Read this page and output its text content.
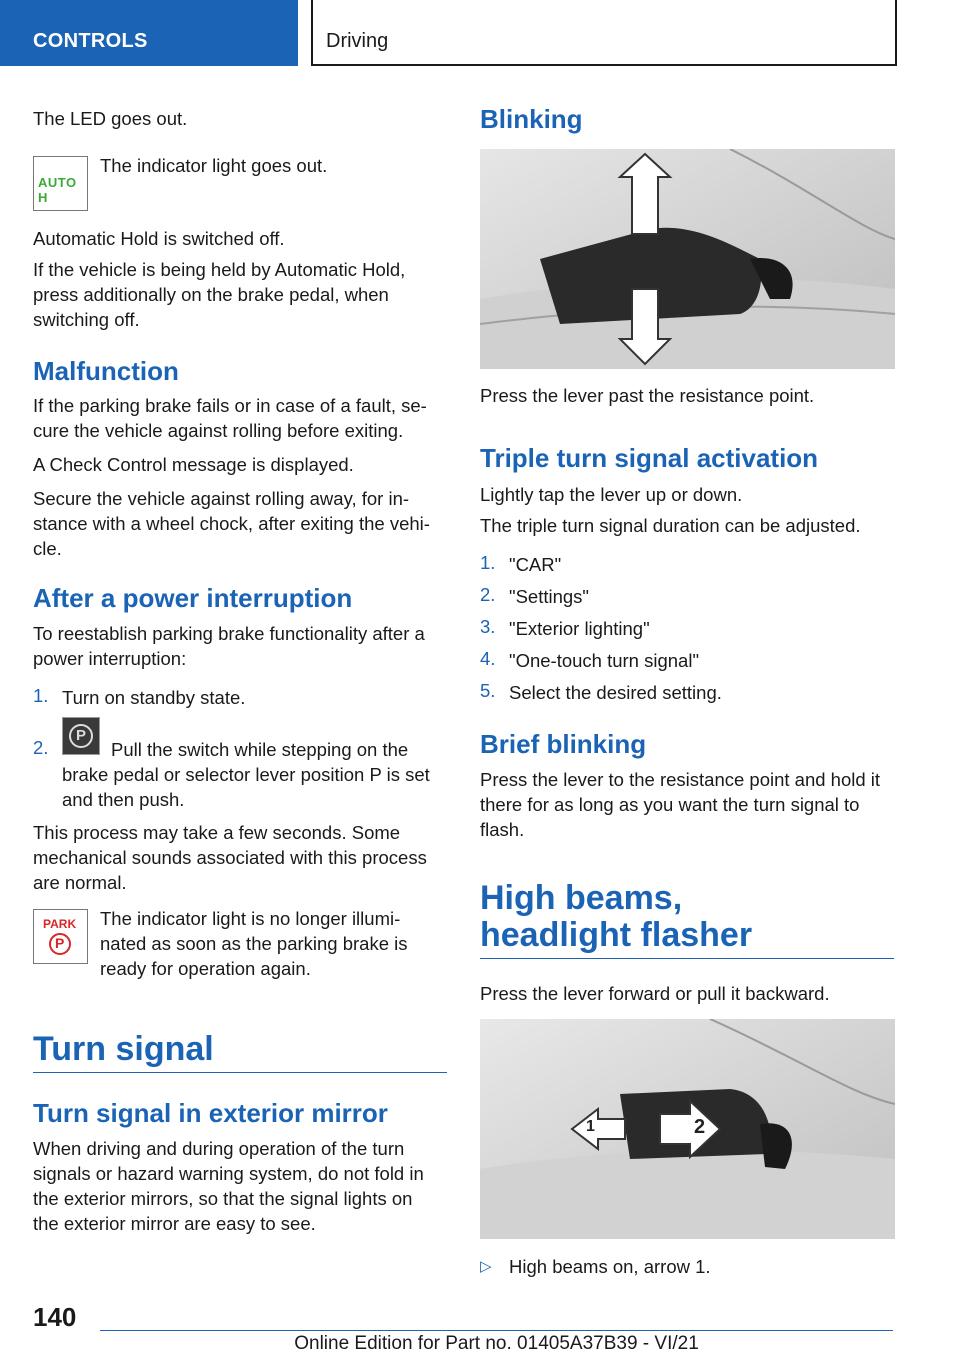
CONTROLS	Driving

The LED goes out.

AUTO H

The indicator light goes out.

Automatic Hold is switched off.

If the vehicle is being held by Automatic Hold,

press additionally on the brake pedal, when

switching off.

Malfunction

If the parking brake fails or in case of a fault, se-

cure the vehicle against rolling before exiting.

A Check Control message is displayed.

Secure the vehicle against rolling away, for in-

stance with a wheel chock, after exiting the vehi-

cle.

After a power interruption

To reestablish parking brake functionality after a

power interruption:

1. Turn on standby state.

2.
P

Pull the switch while stepping on the

brake pedal or selector lever position P is set

and then push.

This process may take a few seconds. Some

mechanical sounds associated with this process

are normal.

PARK
P

The indicator light is no longer illumi-

nated as soon as the parking brake is

ready for operation again.

Turn signal
Turn signal in exterior mirror

When driving and during operation of the turn

signals or hazard warning system, do not fold in

the exterior mirrors, so that the signal lights on

the exterior mirror are easy to see.

Blinking

Press the lever past the resistance point.

Triple turn signal activation

Lightly tap the lever up or down.

The triple turn signal duration can be adjusted.

1. "CAR"

2. "Settings"

3. "Exterior lighting"

4. "One-touch turn signal"

5. Select the desired setting.

Brief blinking

Press the lever to the resistance point and hold it

there for as long as you want the turn signal to

flash.

High beams,
headlight flasher

Press the lever forward or pull it backward.

1	2
▷ High beams on, arrow 1.

140
Online Edition for Part no. 01405A37B39 - VI/21
